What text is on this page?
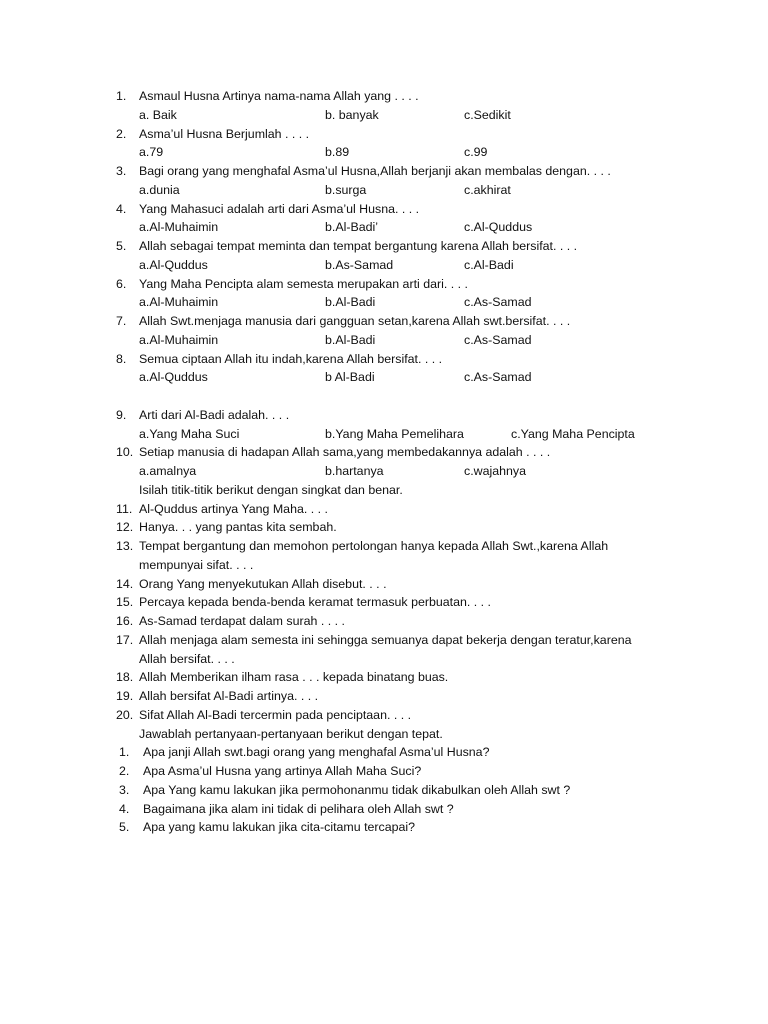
1. Asmaul Husna Artinya nama-nama Allah yang . . . .
a. Baik	b. banyak	c.Sedikit
2. Asma’ul Husna Berjumlah . . . .
a.79	b.89	c.99
3. Bagi orang yang menghafal Asma’ul Husna,Allah berjanji akan membalas dengan. . . .
a.dunia	b.surga	c.akhirat
4. Yang Mahasuci adalah arti dari Asma’ul Husna. . . .
a.Al-Muhaimin	b.Al-Badi’	c.Al-Quddus
5. Allah sebagai tempat meminta dan tempat bergantung karena Allah bersifat. . . .
a.Al-Quddus	b.As-Samad	c.Al-Badi
6. Yang Maha Pencipta alam semesta merupakan arti dari. . . .
a.Al-Muhaimin	b.Al-Badi	c.As-Samad
7. Allah Swt.menjaga manusia dari gangguan setan,karena Allah swt.bersifat. . . .
a.Al-Muhaimin	b.Al-Badi	c.As-Samad
8. Semua ciptaan Allah itu indah,karena Allah bersifat. . . .
a.Al-Quddus	b Al-Badi	c.As-Samad
9. Arti dari Al-Badi adalah. . . .
a.Yang Maha Suci	b.Yang Maha Pemelihara	c.Yang Maha Pencipta
10. Setiap manusia di hadapan Allah sama,yang membedakannya adalah . . . .
a.amalnya	b.hartanya	c.wajahnya
Isilah titik-titik berikut dengan singkat dan benar.
11. Al-Quddus artinya Yang Maha. . . .
12. Hanya. . . yang pantas kita sembah.
13. Tempat bergantung dan memohon pertolongan hanya kepada Allah Swt.,karena Allah
mempunyai sifat. . . .
14. Orang Yang menyekutukan Allah disebut. . . .
15. Percaya kepada benda-benda keramat termasuk perbuatan. . . .
16. As-Samad terdapat dalam surah . . . .
17. Allah menjaga alam semesta ini sehingga semuanya dapat bekerja dengan teratur,karena
Allah bersifat. . . .
18. Allah Memberikan ilham rasa . . . kepada binatang buas.
19. Allah bersifat Al-Badi artinya. . . .
20. Sifat Allah Al-Badi tercermin pada penciptaan. . . .
Jawablah pertanyaan-pertanyaan berikut dengan tepat.
1. Apa janji Allah swt.bagi orang yang menghafal Asma’ul Husna?
2. Apa Asma’ul Husna yang artinya Allah Maha Suci?
3. Apa Yang kamu lakukan jika permohonanmu tidak dikabulkan oleh Allah swt ?
4. Bagaimana jika alam ini tidak di pelihara oleh Allah swt ?
5. Apa yang kamu lakukan jika cita-citamu tercapai?
